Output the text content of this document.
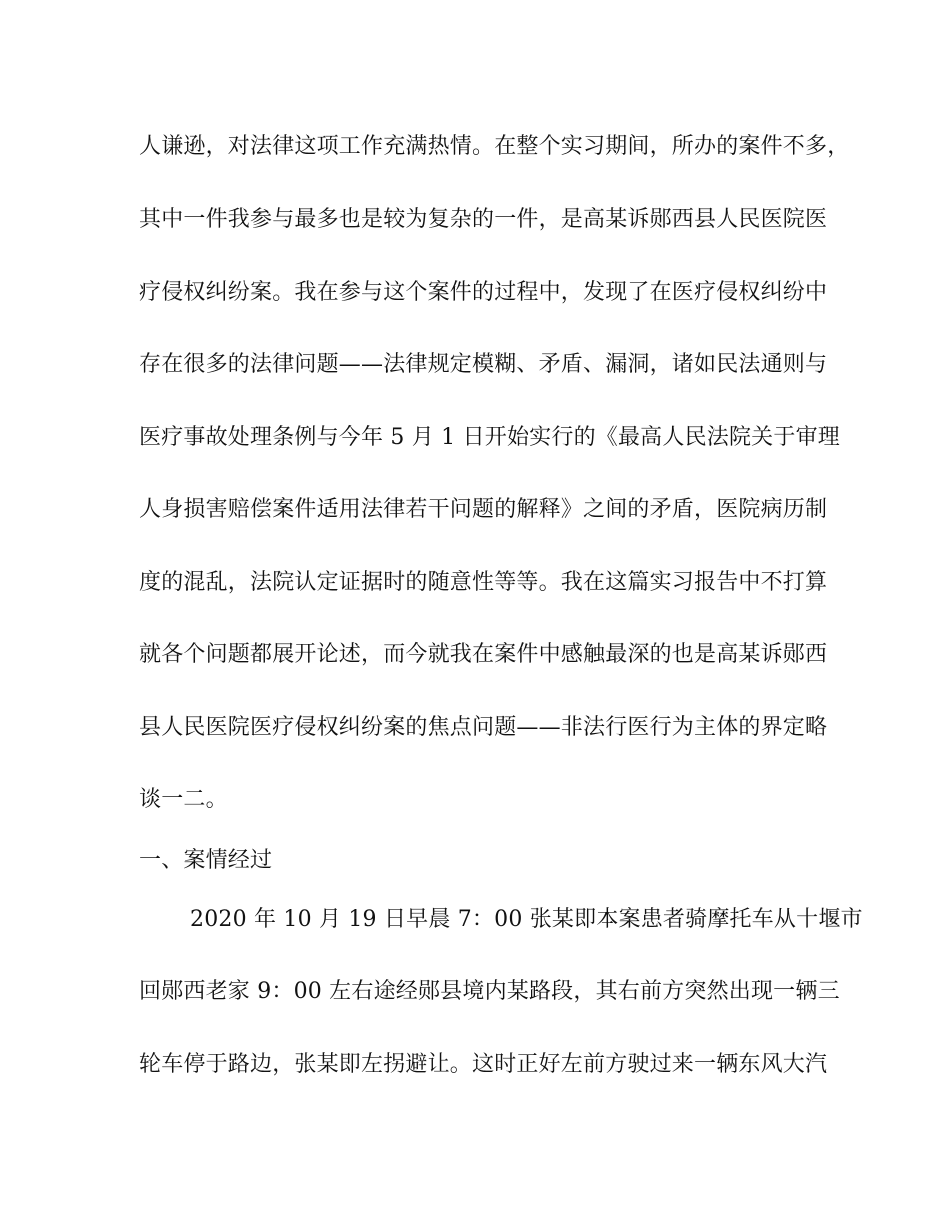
人谦逊，对法律这项工作充满热情。在整个实习期间，所办的案件不多，
其中一件我参与最多也是较为复杂的一件，是高某诉郧西县人民医院医
疗侵权纠纷案。我在参与这个案件的过程中，发现了在医疗侵权纠纷中
存在很多的法律问题——法律规定模糊、矛盾、漏洞，诸如民法通则与
医疗事故处理条例与今年 5 月 1 日开始实行的《最高人民法院关于审理
人身损害赔偿案件适用法律若干问题的解释》之间的矛盾，医院病历制
度的混乱，法院认定证据时的随意性等等。我在这篇实习报告中不打算
就各个问题都展开论述，而今就我在案件中感触最深的也是高某诉郧西
县人民医院医疗侵权纠纷案的焦点问题——非法行医行为主体的界定略
谈一二。
一、案情经过
2020 年 10 月 19 日早晨 7：00 张某即本案患者骑摩托车从十堰市
回郧西老家 9：00 左右途经郧县境内某路段，其右前方突然出现一辆三
轮车停于路边，张某即左拐避让。这时正好左前方驶过来一辆东风大汽
